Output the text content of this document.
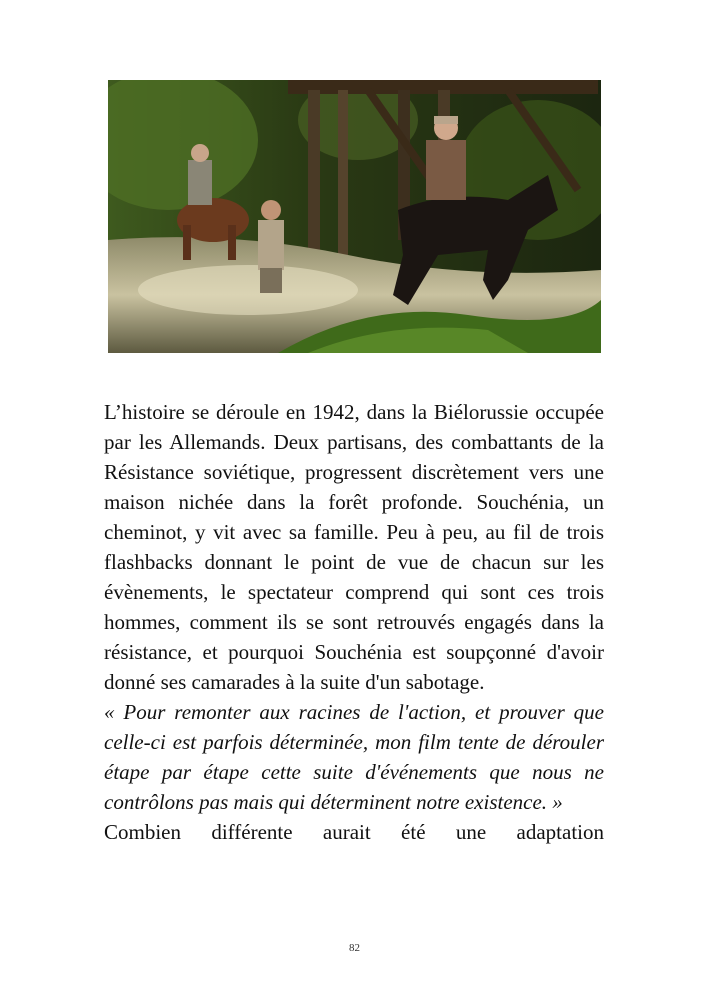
L’histoire se déroule en 1942, dans la Biélorussie occupée par les Allemands. Deux partisans, des combattants de la Résistance soviétique, progressent discrètement vers une maison nichée dans la forêt profonde. Souchénia, un cheminot, y vit avec sa famille. Peu à peu, au fil de trois flashbacks donnant le point de vue de chacun sur les évènements, le spectateur comprend qui sont ces trois hommes, comment ils se sont retrouvés engagés dans la résistance, et pourquoi Souchénia est soupçonné d'avoir donné ses camarades à la suite d'un sabotage.

« Pour remonter aux racines de l'action, et prouver que celle-ci est parfois déterminée, mon film tente de dérouler étape par étape cette suite d'événements que nous ne contrôlons pas mais qui déterminent notre existence. »

Combien différente aurait été une adaptation

82
